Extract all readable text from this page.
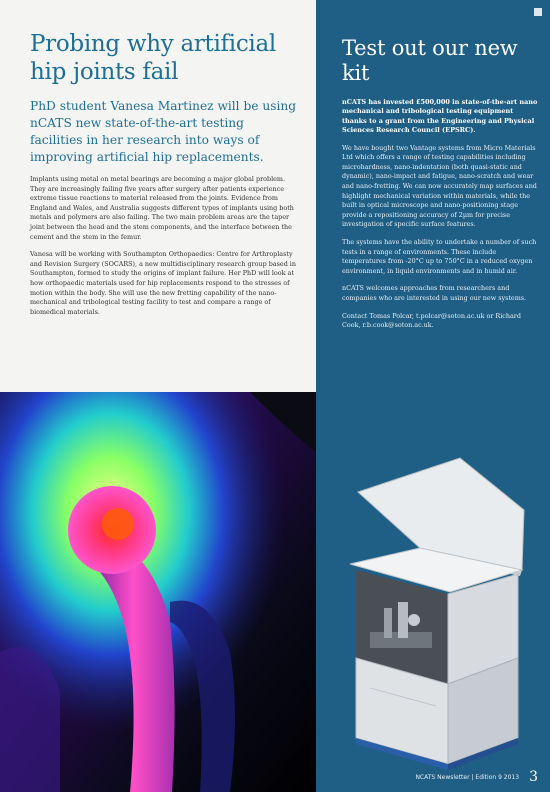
Probing why artificial hip joints fail

PhD student Vanesa Martinez will be using nCATS new state-of-the-art testing facilities in her research into ways of improving artificial hip replacements.

Implants using metal on metal bearings are becoming a major global problem. They are increasingly failing five years after surgery after patients experience extreme tissue reactions to material released from the joints. Evidence from England and Wales, and Australia suggests different types of implants using both metals and polymers are also failing. The two main problem areas are the taper joint between the head and the stem components, and the interface between the cement and the stem in the femur.

Vanesa will be working with Southampton Orthopaedics: Centre for Arthroplasty and Revision Surgery (SOCARS), a new multidisciplinary research group based in Southampton, formed to study the origins of implant failure. Her PhD will look at how orthopaedic materials used for hip replacements respond to the stresses of motion within the body. She will use the new fretting capability of the nano-mechanical and tribological testing facility to test and compare a range of biomedical materials.

Test out our new kit

nCATS has invested £500,000 in state-of-the-art nano mechanical and tribological testing equipment thanks to a grant from the Engineering and Physical Sciences Research Council (EPSRC).

We have bought two Vantage systems from Micro Materials Ltd which offers a range of testing capabilities including microhardness, nano-indentation (both quasi-static and dynamic), nano-impact and fatigue, nano-scratch and wear and nano-fretting. We can now accurately map surfaces and highlight mechanical variation within materials, while the built in optical microscope and nano-positioning stage provide a repositioning accuracy of 2µm for precise investigation of specific surface features.

The systems have the ability to undertake a number of such tests in a range of environments. These include temperatures from -20°C up to 750°C in a reduced oxygen environment, in liquid environments and in humid air.

nCATS welcomes approaches from researchers and companies who are interested in using our new systems.

Contact Tomas Polcar, t.polcar@soton.ac.uk or Richard Cook, r.b.cook@soton.ac.uk.

NCATS Newsletter | Edition 9 2013 3
